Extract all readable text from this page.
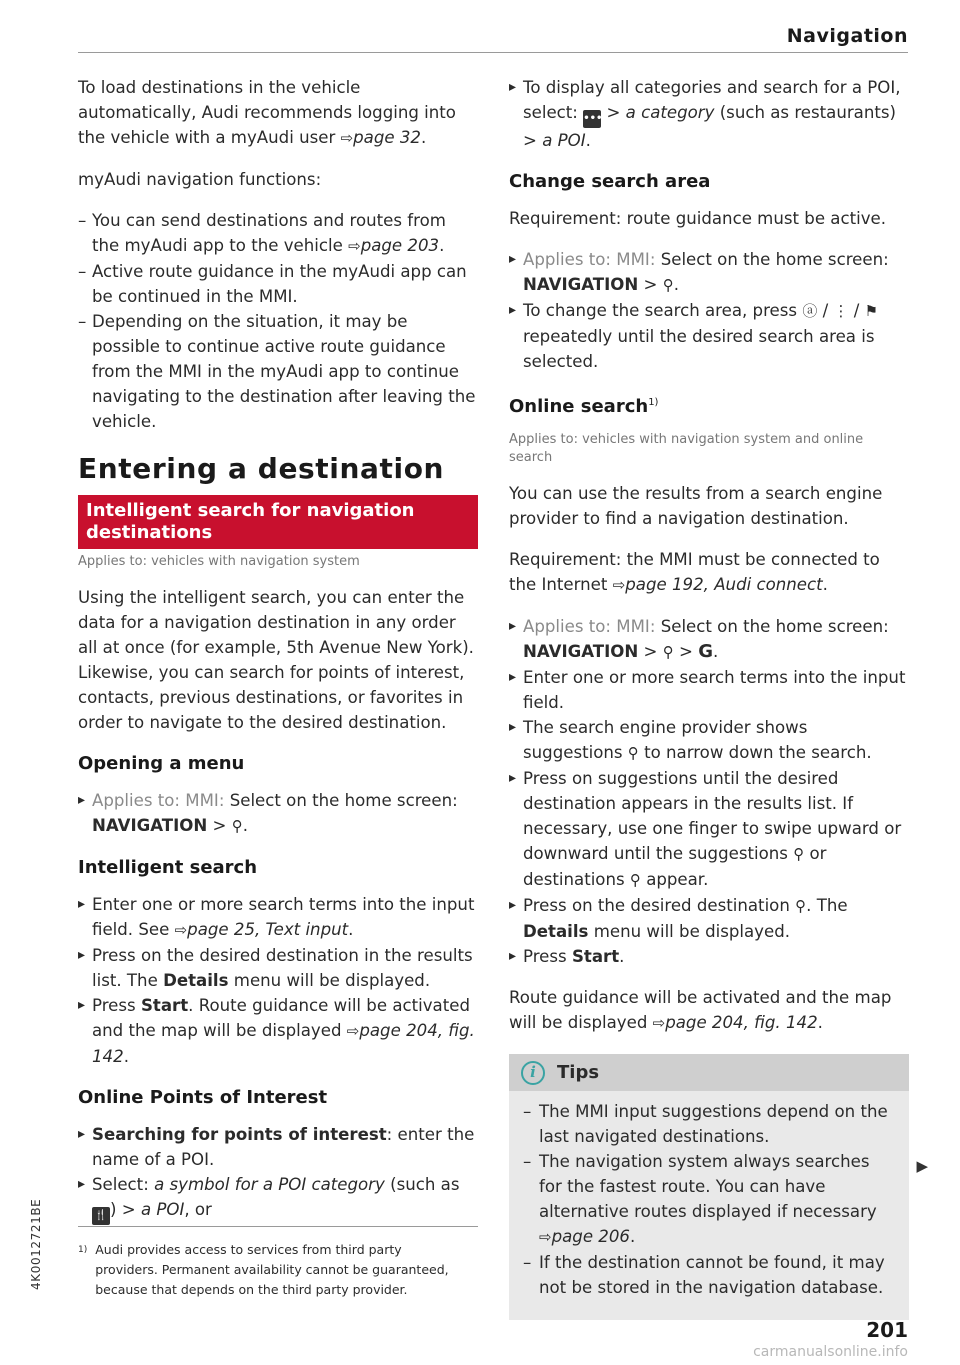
Navigation

To load destinations in the vehicle automatically, Audi recommends logging into the vehicle with a myAudi user ⇨page 32.

myAudi navigation functions:

– You can send destinations and routes from the myAudi app to the vehicle ⇨page 203.
– Active route guidance in the myAudi app can be continued in the MMI.
– Depending on the situation, it may be possible to continue active route guidance from the MMI in the myAudi app to continue navigating to the destination after leaving the vehicle.
Entering a destination
Intelligent search for navigation destinations
Applies to: vehicles with navigation system

Using the intelligent search, you can enter the data for a navigation destination in any order all at once (for example, 5th Avenue New York). Likewise, you can search for points of interest, contacts, previous destinations, or favorites in order to navigate to the desired destination.

Opening a menu
▸ Applies to: MMI: Select on the home screen: NAVIGATION > ⚲.
Intelligent search
▸ Enter one or more search terms into the input field. See ⇨page 25, Text input.
▸ Press on the desired destination in the results list. The Details menu will be displayed.
▸ Press Start. Route guidance will be activated and the map will be displayed ⇨page 204, fig. 142.
Online Points of Interest
▸ Searching for points of interest: enter the name of a POI.
▸ Select: a symbol for a POI category (such as
🍴 ) > a POI, or
$^{1)}$ Audi provides access to services from third party providers. Permanent availability cannot be guaranteed, because that depends on the third party provider.
▸ To display all categories and search for a POI, select: ••• > a category (such as restaurants) > a POI.
Change search area

Requirement: route guidance must be active.

▸ Applies to: MMI: Select on the home screen: NAVIGATION > ⚲.
▸ To change the search area, press ⓐ / ⋮ / ⚑ repeatedly until the desired search area is selected.
Online search$^{1)}$
Applies to: vehicles with navigation system and online search

You can use the results from a search engine provider to find a navigation destination.

Requirement: the MMI must be connected to the Internet ⇨page 192, Audi connect.

▸ Applies to: MMI: Select on the home screen: NAVIGATION > ⚲ > G.
▸ Enter one or more search terms into the input field.
▸ The search engine provider shows suggestions ⚲ to narrow down the search.
▸ Press on suggestions until the desired destination appears in the results list. If necessary, use one finger to swipe upward or downward until the suggestions ⚲ or destinations ⚲ appear.
▸ Press on the desired destination ⚲. The Details menu will be displayed.
▸ Press Start.

Route guidance will be activated and the map will be displayed ⇨page 204, fig. 142.

i	Tips
– The MMI input suggestions depend on the last navigated destinations.
– The navigation system always searches for the fastest route. You can have alternative routes displayed if necessary ⇨page 206.
– If the destination cannot be found, it may not be stored in the navigation database.
▶
4K0012721BE
201
carmanualsonline.info
